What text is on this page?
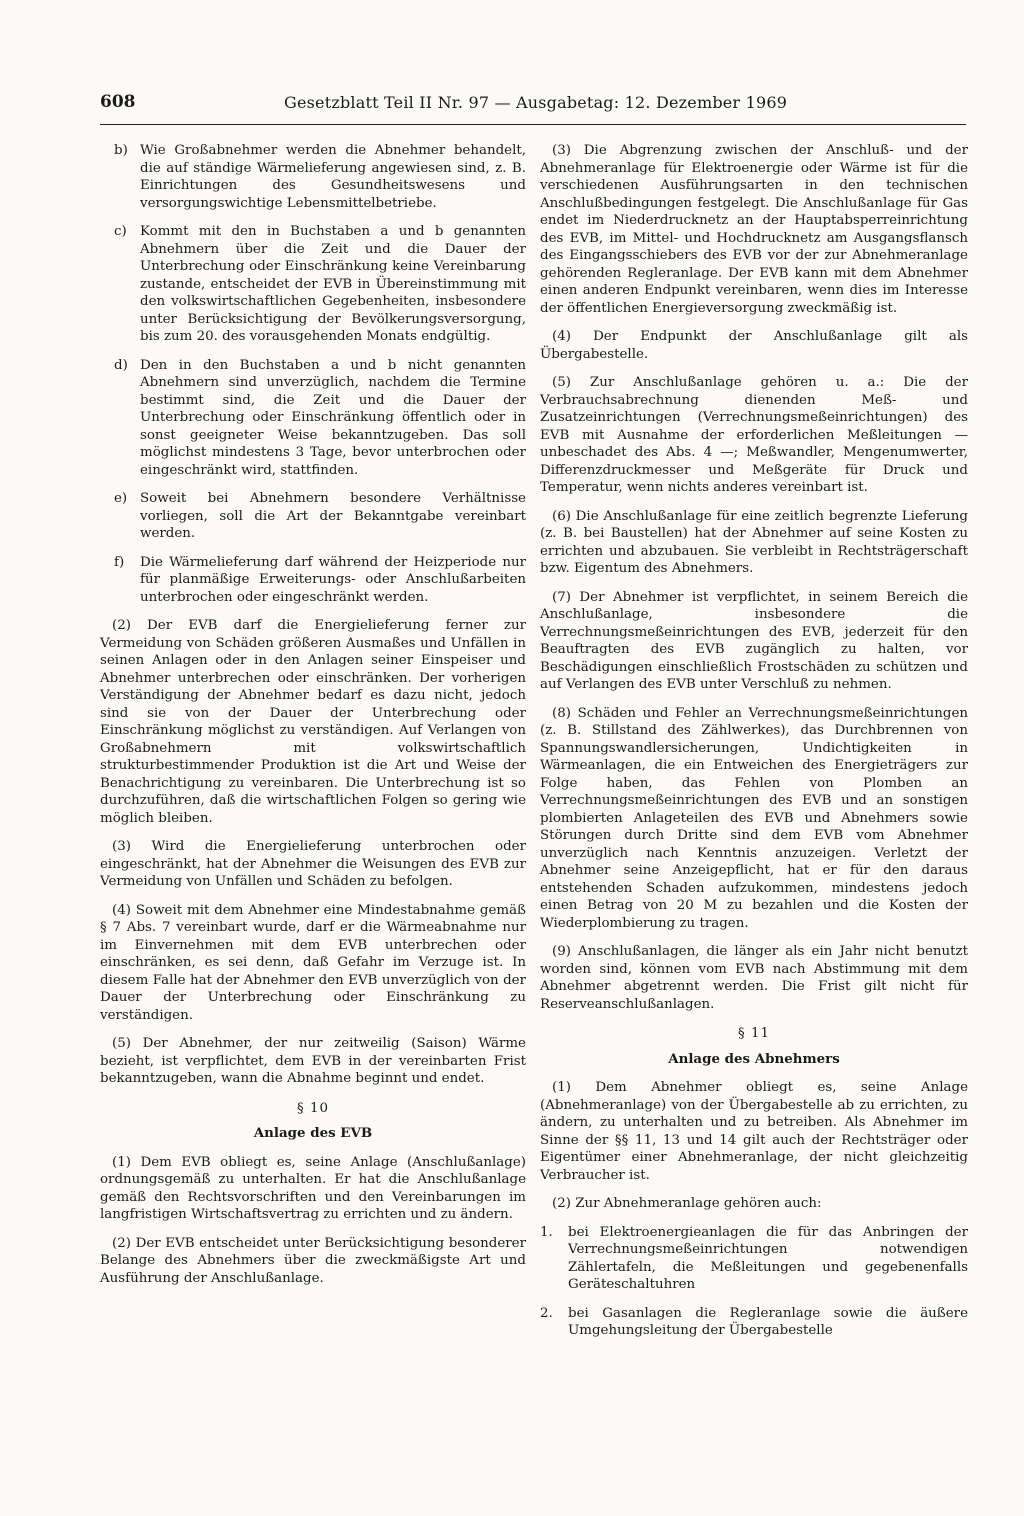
608	Gesetzblatt Teil II Nr. 97 — Ausgabetag: 12. Dezember 1969
b) Wie Großabnehmer werden die Abnehmer behandelt, die auf ständige Wärmelieferung angewiesen sind, z. B. Einrichtungen des Gesundheitswesens und versorgungswichtige Lebensmittelbetriebe.
c) Kommt mit den in Buchstaben a und b genannten Abnehmern über die Zeit und die Dauer der Unterbrechung oder Einschränkung keine Vereinbarung zustande, entscheidet der EVB in Übereinstimmung mit den volkswirtschaftlichen Gegebenheiten, insbesondere unter Berücksichtigung der Bevölkerungsversorgung, bis zum 20. des vorausgehenden Monats endgültig.
d) Den in den Buchstaben a und b nicht genannten Abnehmern sind unverzüglich, nachdem die Termine bestimmt sind, die Zeit und die Dauer der Unterbrechung oder Einschränkung öffentlich oder in sonst geeigneter Weise bekanntzugeben. Das soll möglichst mindestens 3 Tage, bevor unterbrochen oder eingeschränkt wird, stattfinden.
e) Soweit bei Abnehmern besondere Verhältnisse vorliegen, soll die Art der Bekanntgabe vereinbart werden.
f) Die Wärmelieferung darf während der Heizperiode nur für planmäßige Erweiterungs- oder Anschlußarbeiten unterbrochen oder eingeschränkt werden.

(2) Der EVB darf die Energielieferung ferner zur Vermeidung von Schäden größeren Ausmaßes und Unfällen in seinen Anlagen oder in den Anlagen seiner Einspeiser und Abnehmer unterbrechen oder einschränken. Der vorherigen Verständigung der Abnehmer bedarf es dazu nicht, jedoch sind sie von der Dauer der Unterbrechung oder Einschränkung möglichst zu verständigen. Auf Verlangen von Großabnehmern mit volkswirtschaftlich strukturbestimmender Produktion ist die Art und Weise der Benachrichtigung zu vereinbaren. Die Unterbrechung ist so durchzuführen, daß die wirtschaftlichen Folgen so gering wie möglich bleiben.

(3) Wird die Energielieferung unterbrochen oder eingeschränkt, hat der Abnehmer die Weisungen des EVB zur Vermeidung von Unfällen und Schäden zu befolgen.

(4) Soweit mit dem Abnehmer eine Mindestabnahme gemäß § 7 Abs. 7 vereinbart wurde, darf er die Wärmeabnahme nur im Einvernehmen mit dem EVB unterbrechen oder einschränken, es sei denn, daß Gefahr im Verzuge ist. In diesem Falle hat der Abnehmer den EVB unverzüglich von der Dauer der Unterbrechung oder Einschränkung zu verständigen.

(5) Der Abnehmer, der nur zeitweilig (Saison) Wärme bezieht, ist verpflichtet, dem EVB in der vereinbarten Frist bekanntzugeben, wann die Abnahme beginnt und endet.

§ 10
Anlage des EVB

(1) Dem EVB obliegt es, seine Anlage (Anschlußanlage) ordnungsgemäß zu unterhalten. Er hat die Anschlußanlage gemäß den Rechtsvorschriften und den Vereinbarungen im langfristigen Wirtschaftsvertrag zu errichten und zu ändern.

(2) Der EVB entscheidet unter Berücksichtigung besonderer Belange des Abnehmers über die zweckmäßigste Art und Ausführung der Anschlußanlage.

(3) Die Abgrenzung zwischen der Anschluß- und der Abnehmeranlage für Elektroenergie oder Wärme ist für die verschiedenen Ausführungsarten in den technischen Anschlußbedingungen festgelegt. Die Anschlußanlage für Gas endet im Niederdrucknetz an der Hauptabsperreinrichtung des EVB, im Mittel- und Hochdrucknetz am Ausgangsflansch des Eingangsschiebers des EVB vor der zur Abnehmeranlage gehörenden Regleranlage. Der EVB kann mit dem Abnehmer einen anderen Endpunkt vereinbaren, wenn dies im Interesse der öffentlichen Energieversorgung zweckmäßig ist.

(4) Der Endpunkt der Anschlußanlage gilt als Übergabestelle.

(5) Zur Anschlußanlage gehören u. a.: Die der Verbrauchsabrechnung dienenden Meß- und Zusatzeinrichtungen (Verrechnungsmeßeinrichtungen) des EVB mit Ausnahme der erforderlichen Meßleitungen — unbeschadet des Abs. 4 —; Meßwandler, Mengenumwerter, Differenzdruckmesser und Meßgeräte für Druck und Temperatur, wenn nichts anderes vereinbart ist.

(6) Die Anschlußanlage für eine zeitlich begrenzte Lieferung (z. B. bei Baustellen) hat der Abnehmer auf seine Kosten zu errichten und abzubauen. Sie verbleibt in Rechtsträgerschaft bzw. Eigentum des Abnehmers.

(7) Der Abnehmer ist verpflichtet, in seinem Bereich die Anschlußanlage, insbesondere die Verrechnungsmeßeinrichtungen des EVB, jederzeit für den Beauftragten des EVB zugänglich zu halten, vor Beschädigungen einschließlich Frostschäden zu schützen und auf Verlangen des EVB unter Verschluß zu nehmen.

(8) Schäden und Fehler an Verrechnungsmeßeinrichtungen (z. B. Stillstand des Zählwerkes), das Durchbrennen von Spannungswandlersicherungen, Undichtigkeiten in Wärmeanlagen, die ein Entweichen des Energieträgers zur Folge haben, das Fehlen von Plomben an Verrechnungsmeßeinrichtungen des EVB und an sonstigen plombierten Anlageteilen des EVB und Abnehmers sowie Störungen durch Dritte sind dem EVB vom Abnehmer unverzüglich nach Kenntnis anzuzeigen. Verletzt der Abnehmer seine Anzeigepflicht, hat er für den daraus entstehenden Schaden aufzukommen, mindestens jedoch einen Betrag von 20 M zu bezahlen und die Kosten der Wiederplombierung zu tragen.

(9) Anschlußanlagen, die länger als ein Jahr nicht benutzt worden sind, können vom EVB nach Abstimmung mit dem Abnehmer abgetrennt werden. Die Frist gilt nicht für Reserveanschlußanlagen.

§ 11
Anlage des Abnehmers

(1) Dem Abnehmer obliegt es, seine Anlage (Abnehmeranlage) von der Übergabestelle ab zu errichten, zu ändern, zu unterhalten und zu betreiben. Als Abnehmer im Sinne der §§ 11, 13 und 14 gilt auch der Rechtsträger oder Eigentümer einer Abnehmeranlage, der nicht gleichzeitig Verbraucher ist.

(2) Zur Abnehmeranlage gehören auch:

1. bei Elektroenergieanlagen die für das Anbringen der Verrechnungsmeßeinrichtungen notwendigen Zählertafeln, die Meßleitungen und gegebenenfalls Geräteschaltuhren
2. bei Gasanlagen die Regleranlage sowie die äußere Umgehungsleitung der Übergabestelle
